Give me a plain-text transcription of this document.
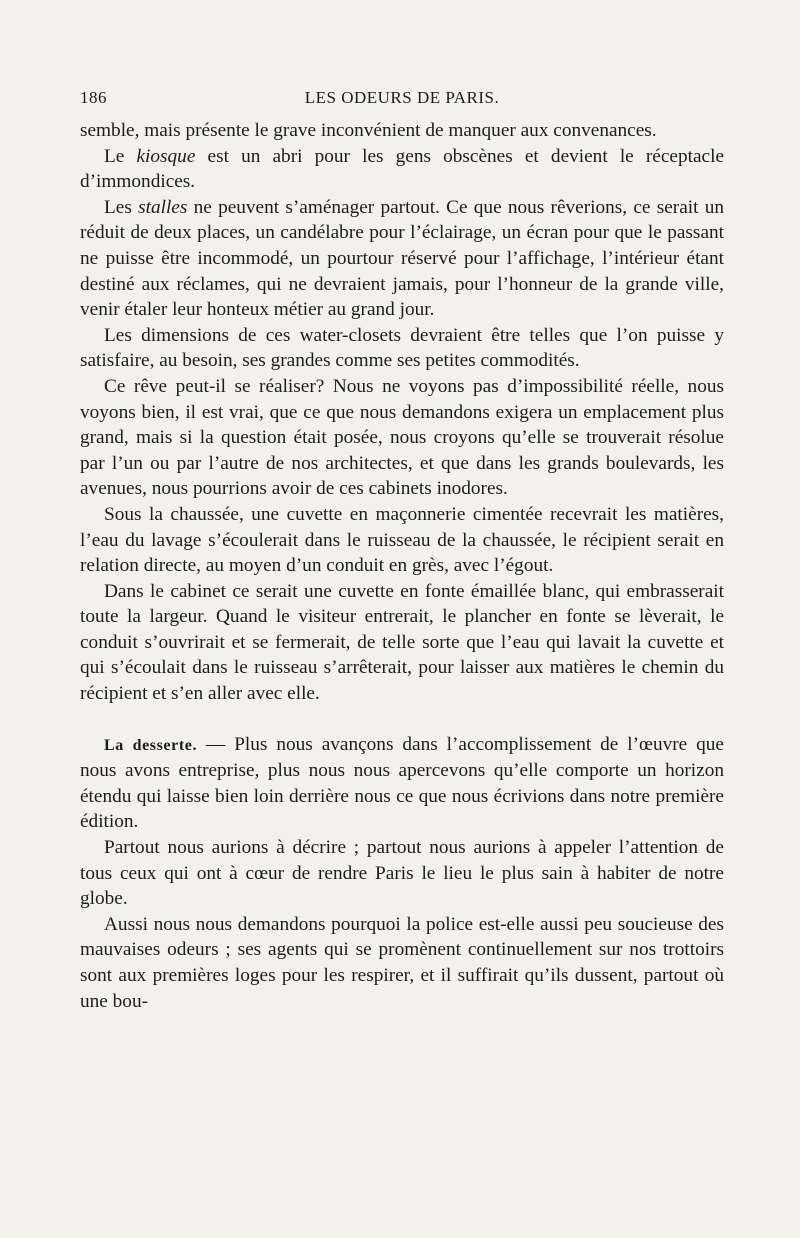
186	LES ODEURS DE PARIS.

semble, mais présente le grave inconvénient de manquer aux convenances.

Le kiosque est un abri pour les gens obscènes et devient le réceptacle d’immondices.

Les stalles ne peuvent s’aménager partout. Ce que nous rêverions, ce serait un réduit de deux places, un candélabre pour l’éclairage, un écran pour que le passant ne puisse être incommodé, un pourtour réservé pour l’affichage, l’intérieur étant destiné aux réclames, qui ne devraient jamais, pour l’honneur de la grande ville, venir étaler leur honteux métier au grand jour.

Les dimensions de ces water-closets devraient être telles que l’on puisse y satisfaire, au besoin, ses grandes comme ses petites commodités.

Ce rêve peut-il se réaliser? Nous ne voyons pas d’impossibilité réelle, nous voyons bien, il est vrai, que ce que nous demandons exigera un emplacement plus grand, mais si la question était posée, nous croyons qu’elle se trouverait résolue par l’un ou par l’autre de nos architectes, et que dans les grands boulevards, les avenues, nous pourrions avoir de ces cabinets inodores.

Sous la chaussée, une cuvette en maçonnerie cimentée recevrait les matières, l’eau du lavage s’écoulerait dans le ruisseau de la chaussée, le récipient serait en relation directe, au moyen d’un conduit en grès, avec l’égout.

Dans le cabinet ce serait une cuvette en fonte émaillée blanc, qui embrasserait toute la largeur. Quand le visiteur entrerait, le plancher en fonte se lèverait, le conduit s’ouvrirait et se fermerait, de telle sorte que l’eau qui lavait la cuvette et qui s’écoulait dans le ruisseau s’arrêterait, pour laisser aux matières le chemin du récipient et s’en aller avec elle.

La desserte. — Plus nous avançons dans l’accomplissement de l’œuvre que nous avons entreprise, plus nous nous apercevons qu’elle comporte un horizon étendu qui laisse bien loin derrière nous ce que nous écrivions dans notre première édition.

Partout nous aurions à décrire ; partout nous aurions à appeler l’attention de tous ceux qui ont à cœur de rendre Paris le lieu le plus sain à habiter de notre globe.

Aussi nous nous demandons pourquoi la police est-elle aussi peu soucieuse des mauvaises odeurs ; ses agents qui se promènent continuellement sur nos trottoirs sont aux premières loges pour les respirer, et il suffirait qu’ils dussent, partout où une bou-
